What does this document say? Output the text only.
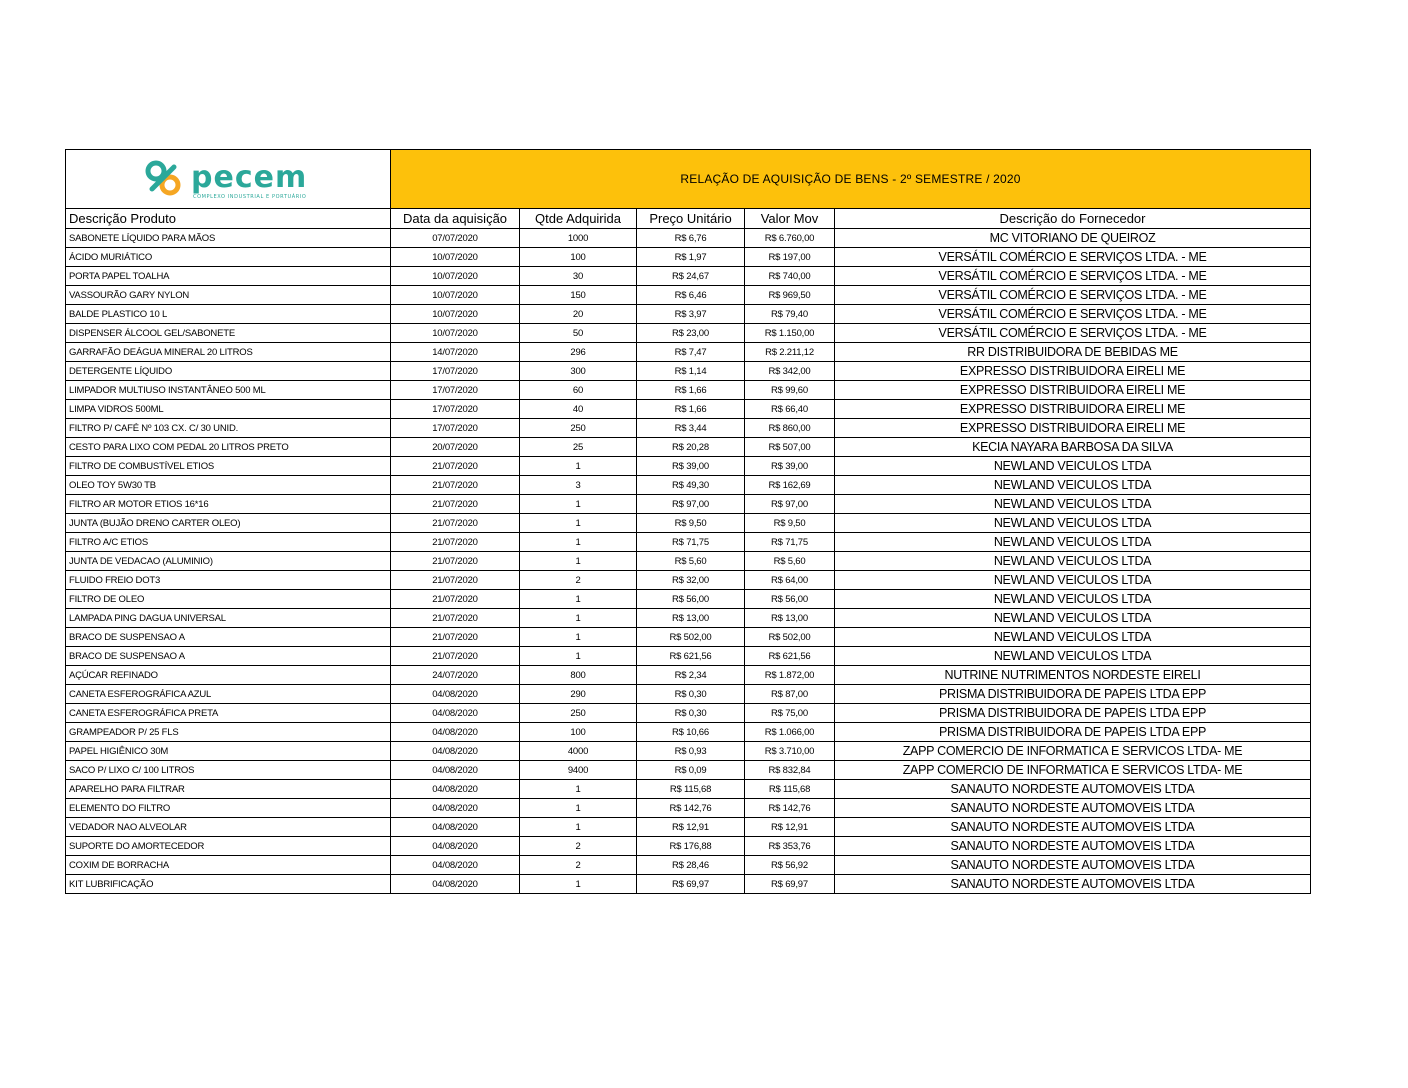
pecem
COMPLEXO INDUSTRIAL E PORTUÁRIO	RELAÇÃO DE AQUISIÇÃO DE BENS - 2º SEMESTRE / 2020				
Descrição Produto	Data da aquisição	Qtde Adquirida	Preço Unitário	Valor Mov	Descrição do Fornecedor
SABONETE LÍQUIDO PARA MÃOS	07/07/2020	1000	R$ 6,76	R$ 6.760,00	MC VITORIANO DE QUEIROZ
ÁCIDO MURIÁTICO	10/07/2020	100	R$ 1,97	R$ 197,00	VERSÁTIL COMÉRCIO E SERVIÇOS LTDA. - ME
PORTA PAPEL TOALHA	10/07/2020	30	R$ 24,67	R$ 740,00	VERSÁTIL COMÉRCIO E SERVIÇOS LTDA. - ME
VASSOURÃO GARY NYLON	10/07/2020	150	R$ 6,46	R$ 969,50	VERSÁTIL COMÉRCIO E SERVIÇOS LTDA. - ME
BALDE PLASTICO 10 L	10/07/2020	20	R$ 3,97	R$ 79,40	VERSÁTIL COMÉRCIO E SERVIÇOS LTDA. - ME
DISPENSER ÁLCOOL GEL/SABONETE	10/07/2020	50	R$ 23,00	R$ 1.150,00	VERSÁTIL COMÉRCIO E SERVIÇOS LTDA. - ME
GARRAFÃO DEÁGUA MINERAL 20 LITROS	14/07/2020	296	R$ 7,47	R$ 2.211,12	RR DISTRIBUIDORA DE BEBIDAS ME
DETERGENTE LÍQUIDO	17/07/2020	300	R$ 1,14	R$ 342,00	EXPRESSO DISTRIBUIDORA EIRELI ME
LIMPADOR MULTIUSO INSTANTÂNEO 500 ML	17/07/2020	60	R$ 1,66	R$ 99,60	EXPRESSO DISTRIBUIDORA EIRELI ME
LIMPA VIDROS 500ML	17/07/2020	40	R$ 1,66	R$ 66,40	EXPRESSO DISTRIBUIDORA EIRELI ME
FILTRO P/ CAFÉ Nº 103 CX. C/ 30 UNID.	17/07/2020	250	R$ 3,44	R$ 860,00	EXPRESSO DISTRIBUIDORA EIRELI ME
CESTO PARA LIXO COM PEDAL 20 LITROS PRETO	20/07/2020	25	R$ 20,28	R$ 507,00	KECIA NAYARA BARBOSA DA SILVA
FILTRO DE COMBUSTÍVEL ETIOS	21/07/2020	1	R$ 39,00	R$ 39,00	NEWLAND VEICULOS LTDA
OLEO TOY 5W30 TB	21/07/2020	3	R$ 49,30	R$ 162,69	NEWLAND VEICULOS LTDA
FILTRO AR MOTOR ETIOS 16*16	21/07/2020	1	R$ 97,00	R$ 97,00	NEWLAND VEICULOS LTDA
JUNTA (BUJÃO DRENO CARTER OLEO)	21/07/2020	1	R$ 9,50	R$ 9,50	NEWLAND VEICULOS LTDA
FILTRO A/C ETIOS	21/07/2020	1	R$ 71,75	R$ 71,75	NEWLAND VEICULOS LTDA
JUNTA DE VEDACAO (ALUMINIO)	21/07/2020	1	R$ 5,60	R$ 5,60	NEWLAND VEICULOS LTDA
FLUIDO FREIO DOT3	21/07/2020	2	R$ 32,00	R$ 64,00	NEWLAND VEICULOS LTDA
FILTRO DE OLEO	21/07/2020	1	R$ 56,00	R$ 56,00	NEWLAND VEICULOS LTDA
LAMPADA PING DAGUA UNIVERSAL	21/07/2020	1	R$ 13,00	R$ 13,00	NEWLAND VEICULOS LTDA
BRACO DE SUSPENSAO A	21/07/2020	1	R$ 502,00	R$ 502,00	NEWLAND VEICULOS LTDA
BRACO DE SUSPENSAO A	21/07/2020	1	R$ 621,56	R$ 621,56	NEWLAND VEICULOS LTDA
AÇÚCAR REFINADO	24/07/2020	800	R$ 2,34	R$ 1.872,00	NUTRINE NUTRIMENTOS NORDESTE EIRELI
CANETA ESFEROGRÁFICA AZUL	04/08/2020	290	R$ 0,30	R$ 87,00	PRISMA DISTRIBUIDORA DE PAPEIS LTDA EPP
CANETA ESFEROGRÁFICA PRETA	04/08/2020	250	R$ 0,30	R$ 75,00	PRISMA DISTRIBUIDORA DE PAPEIS LTDA EPP
GRAMPEADOR P/ 25 FLS	04/08/2020	100	R$ 10,66	R$ 1.066,00	PRISMA DISTRIBUIDORA DE PAPEIS LTDA EPP
PAPEL HIGIÊNICO 30M	04/08/2020	4000	R$ 0,93	R$ 3.710,00	ZAPP COMERCIO DE INFORMATICA E SERVICOS LTDA- ME
SACO P/ LIXO C/ 100 LITROS	04/08/2020	9400	R$ 0,09	R$ 832,84	ZAPP COMERCIO DE INFORMATICA E SERVICOS LTDA- ME
APARELHO PARA FILTRAR	04/08/2020	1	R$ 115,68	R$ 115,68	SANAUTO NORDESTE AUTOMOVEIS LTDA
ELEMENTO DO FILTRO	04/08/2020	1	R$ 142,76	R$ 142,76	SANAUTO NORDESTE AUTOMOVEIS LTDA
VEDADOR NAO ALVEOLAR	04/08/2020	1	R$ 12,91	R$ 12,91	SANAUTO NORDESTE AUTOMOVEIS LTDA
SUPORTE DO AMORTECEDOR	04/08/2020	2	R$ 176,88	R$ 353,76	SANAUTO NORDESTE AUTOMOVEIS LTDA
COXIM DE BORRACHA	04/08/2020	2	R$ 28,46	R$ 56,92	SANAUTO NORDESTE AUTOMOVEIS LTDA
KIT LUBRIFICAÇÃO	04/08/2020	1	R$ 69,97	R$ 69,97	SANAUTO NORDESTE AUTOMOVEIS LTDA
